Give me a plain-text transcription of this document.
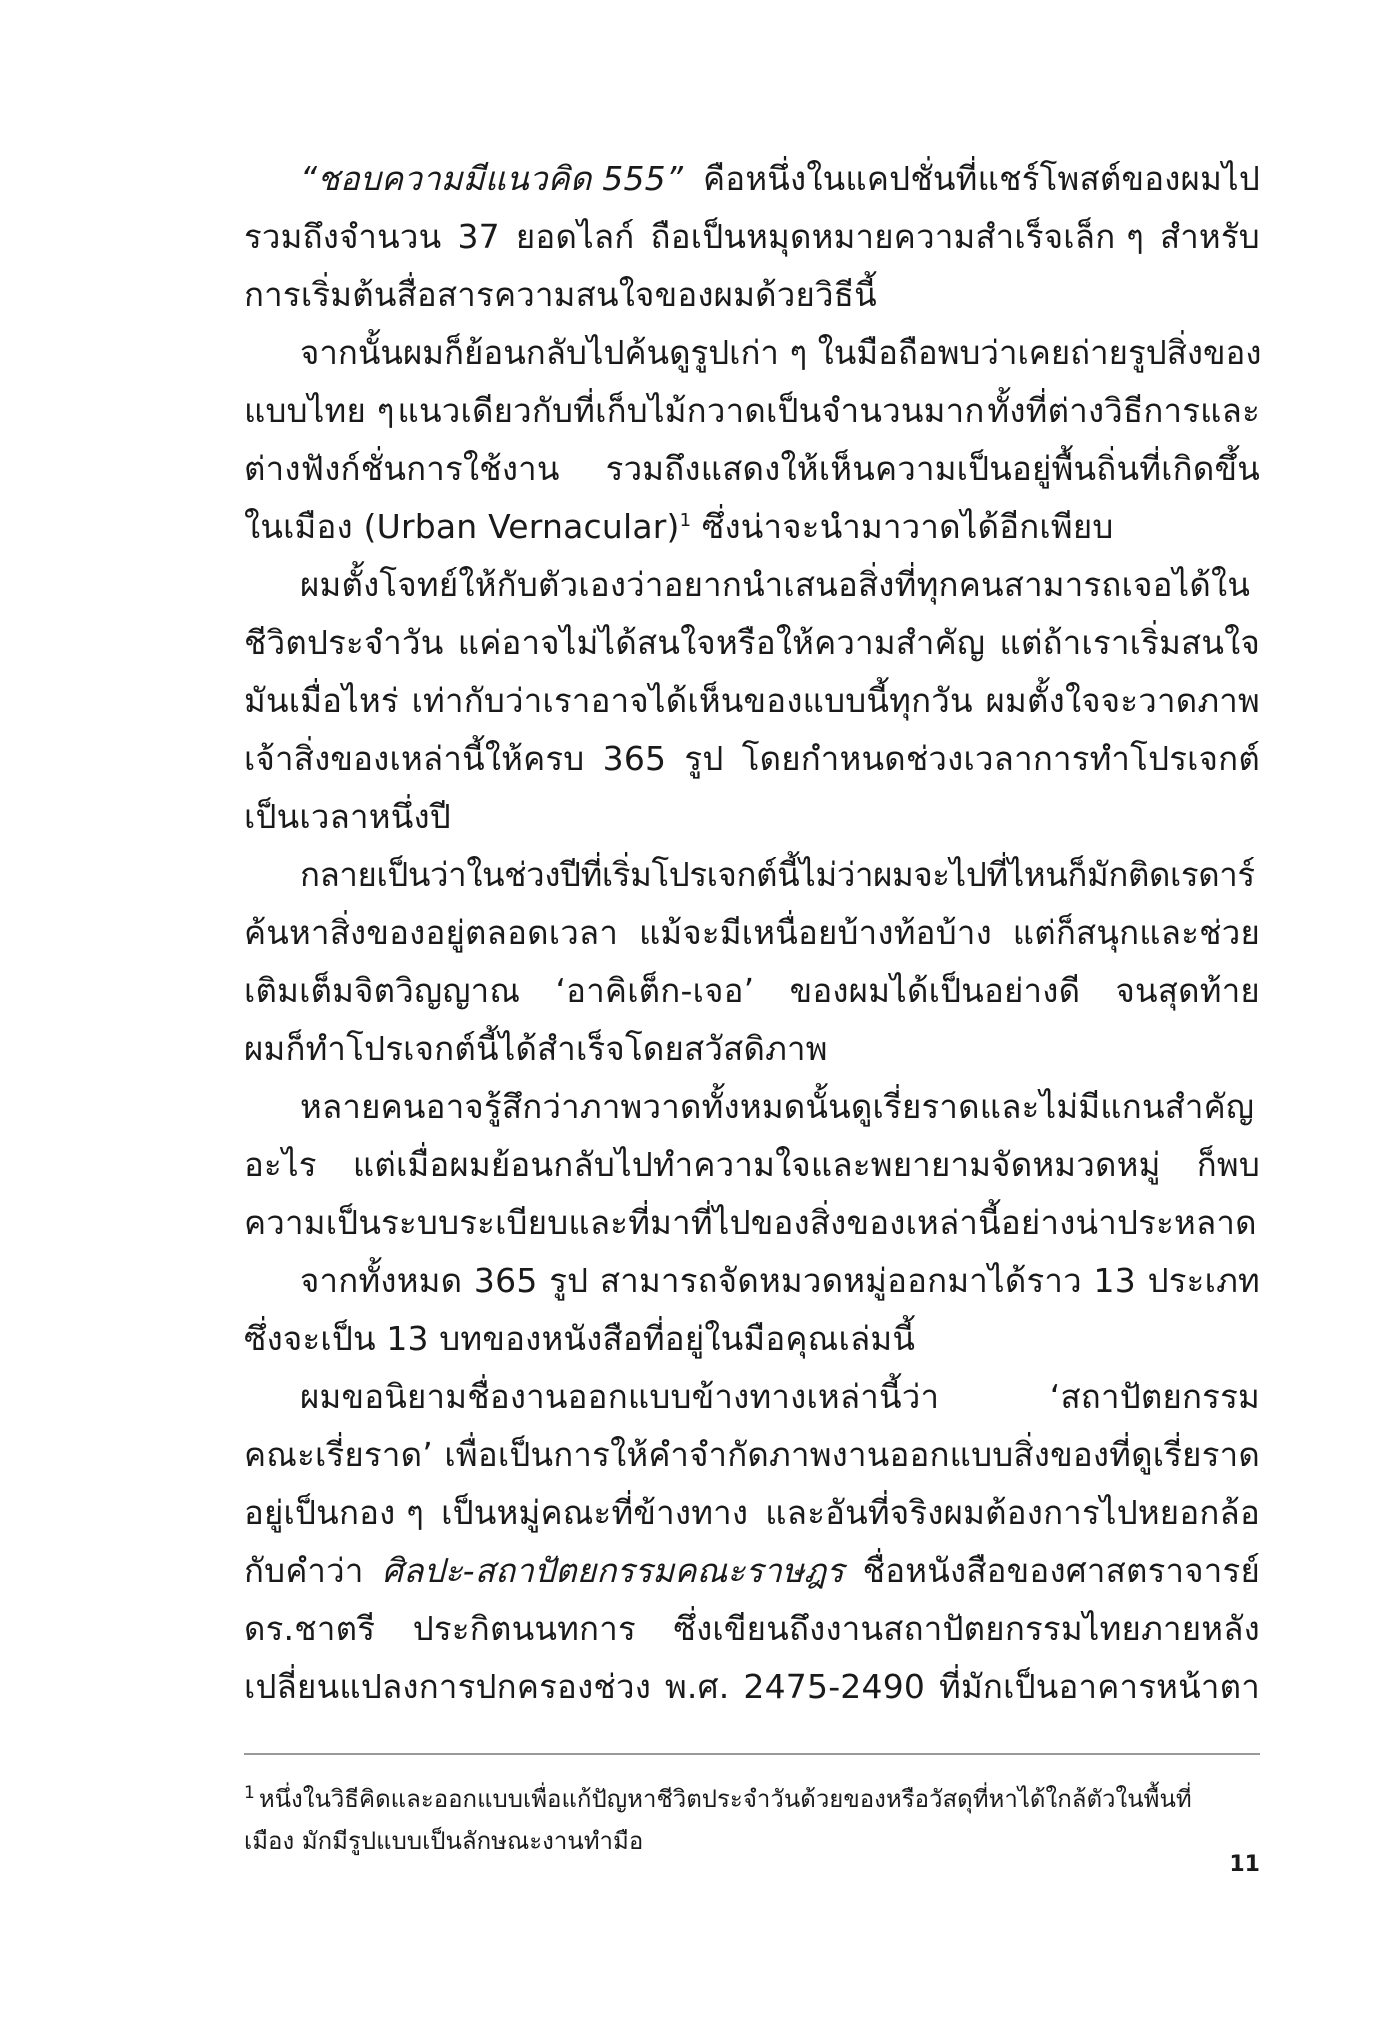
“ชอบความมีแนวคิด 555” คือหนึ่งในแคปชั่นที่แชร์โพสต์ของผมไป
รวมถึงจำนวน 37 ยอดไลก์ ถือเป็นหมุดหมายความสำเร็จเล็ก ๆ สำหรับ
การเริ่มต้นสื่อสารความสนใจของผมด้วยวิธีนี้
จากนั้นผมก็ย้อนกลับไปค้นดูรูปเก่า ๆ ในมือถือ พบว่าเคยถ่ายรูปสิ่งของ
แบบไทย ๆ แนวเดียวกับที่เก็บไม้กวาดเป็นจำนวนมาก ทั้งที่ต่างวิธีการและ
ต่างฟังก์ชั่นการใช้งาน รวมถึงแสดงให้เห็นความเป็นอยู่พื้นถิ่นที่เกิดขึ้น
ในเมือง (Urban Vernacular)$^1$ ซึ่งน่าจะนำมาวาดได้อีกเพียบ
ผมตั้งโจทย์ให้กับตัวเองว่าอยากนำเสนอสิ่งที่ทุกคนสามารถเจอได้ใน
ชีวิตประจำวัน แค่อาจไม่ได้สนใจหรือให้ความสำคัญ แต่ถ้าเราเริ่มสนใจ
มันเมื่อไหร่ เท่ากับว่าเราอาจได้เห็นของแบบนี้ทุกวัน ผมตั้งใจจะวาดภาพ
เจ้าสิ่งของเหล่านี้ให้ครบ 365 รูป โดยกำหนดช่วงเวลาการทำโปรเจกต์
เป็นเวลาหนึ่งปี
กลายเป็นว่าในช่วงปีที่เริ่มโปรเจกต์นี้ไม่ว่าผมจะไปที่ไหนก็มักติดเรดาร์
ค้นหาสิ่งของอยู่ตลอดเวลา แม้จะมีเหนื่อยบ้างท้อบ้าง แต่ก็สนุกและช่วย
เติมเต็มจิตวิญญาณ ‘อาคิเต็ก-เจอ’ ของผมได้เป็นอย่างดี จนสุดท้าย
ผมก็ทำโปรเจกต์นี้ได้สำเร็จโดยสวัสดิภาพ
หลายคนอาจรู้สึกว่าภาพวาดทั้งหมดนั้นดูเรี่ยราดและไม่มีแกนสำคัญ
อะไร แต่เมื่อผมย้อนกลับไปทำความใจและพยายามจัดหมวดหมู่ ก็พบ
ความเป็นระบบระเบียบและที่มาที่ไปของสิ่งของเหล่านี้อย่างน่าประหลาด
จากทั้งหมด 365 รูป สามารถจัดหมวดหมู่ออกมาได้ราว 13 ประเภท
ซึ่งจะเป็น 13 บทของหนังสือที่อยู่ในมือคุณเล่มนี้
ผมขอนิยามชื่องานออกแบบข้างทางเหล่านี้ว่า	‘สถาปัตยกรรม
คณะเรี่ยราด’ เพื่อเป็นการให้คำจำกัดภาพงานออกแบบสิ่งของที่ดูเรี่ยราด
อยู่เป็นกอง ๆ เป็นหมู่คณะที่ข้างทาง และอันที่จริงผมต้องการไปหยอกล้อ
กับคำว่า ศิลปะ-สถาปัตยกรรมคณะราษฎร ชื่อหนังสือของศาสตราจารย์
ดร.ชาตรี ประกิตนนทการ ซึ่งเขียนถึงงานสถาปัตยกรรมไทยภายหลัง
เปลี่ยนแปลงการปกครองช่วง พ.ศ. 2475-2490 ที่มักเป็นอาคารหน้าตา
$^1$ หนึ่งในวิธีคิดและออกแบบเพื่อแก้ปัญหาชีวิตประจำวันด้วยของหรือวัสดุที่หาได้ใกล้ตัวในพื้นที่
เมือง มักมีรูปแบบเป็นลักษณะงานทำมือ
11
